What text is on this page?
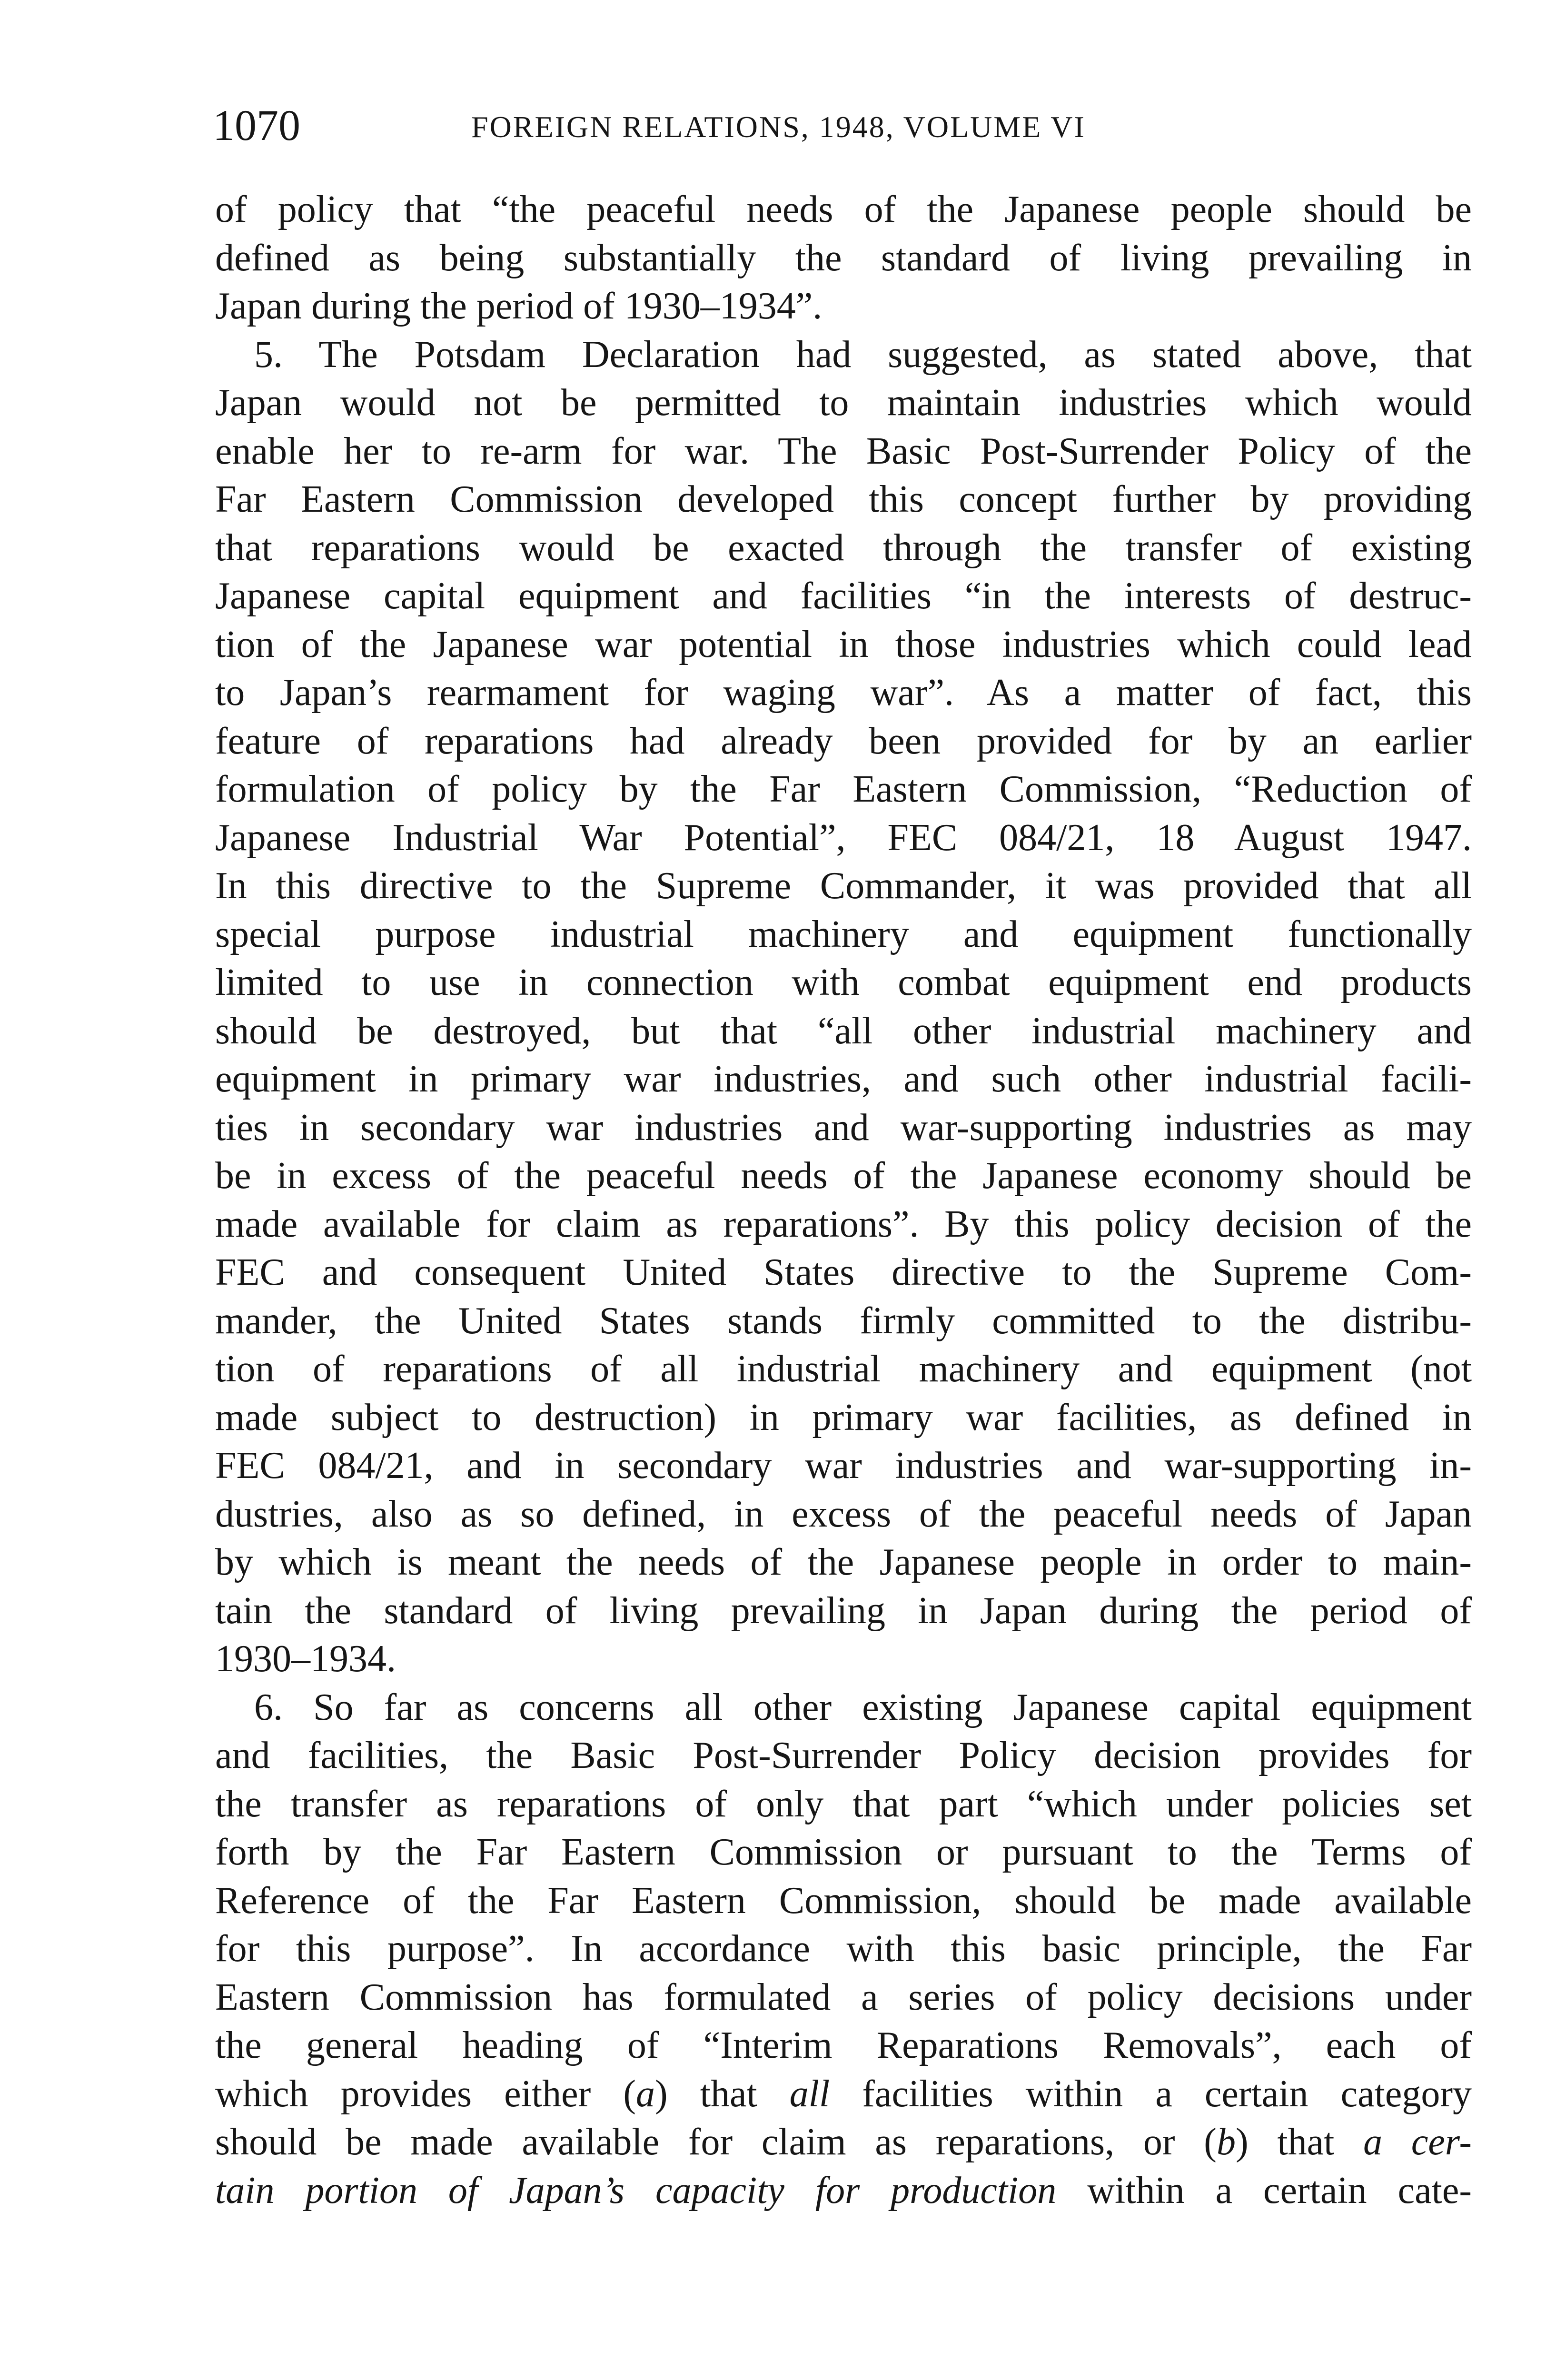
1070	FOREIGN RELATIONS, 1948, VOLUME VI
of policy that “the peaceful needs of the Japanese people should be
defined as being substantially the standard of living prevailing in
Japan during the period of 1930–1934”.
5. The Potsdam Declaration had suggested, as stated above, that
Japan would not be permitted to maintain industries which would
enable her to re-arm for war. The Basic Post-Surrender Policy of the
Far Eastern Commission developed this concept further by providing
that reparations would be exacted through the transfer of existing
Japanese capital equipment and facilities “in the interests of destruc-
tion of the Japanese war potential in those industries which could lead
to Japan’s rearmament for waging war”. As a matter of fact, this
feature of reparations had already been provided for by an earlier
formulation of policy by the Far Eastern Commission, “Reduction of
Japanese Industrial War Potential”, FEC 084/21, 18 August 1947.
In this directive to the Supreme Commander, it was provided that all
special purpose industrial machinery and equipment functionally
limited to use in connection with combat equipment end products
should be destroyed, but that “all other industrial machinery and
equipment in primary war industries, and such other industrial facili-
ties in secondary war industries and war-supporting industries as may
be in excess of the peaceful needs of the Japanese economy should be
made available for claim as reparations”. By this policy decision of the
FEC and consequent United States directive to the Supreme Com-
mander, the United States stands firmly committed to the distribu-
tion of reparations of all industrial machinery and equipment (not
made subject to destruction) in primary war facilities, as defined in
FEC 084/21, and in secondary war industries and war-supporting in-
dustries, also as so defined, in excess of the peaceful needs of Japan
by which is meant the needs of the Japanese people in order to main-
tain the standard of living prevailing in Japan during the period of
1930–1934.
6. So far as concerns all other existing Japanese capital equipment
and facilities, the Basic Post-Surrender Policy decision provides for
the transfer as reparations of only that part “which under policies set
forth by the Far Eastern Commission or pursuant to the Terms of
Reference of the Far Eastern Commission, should be made available
for this purpose”. In accordance with this basic principle, the Far
Eastern Commission has formulated a series of policy decisions under
the general heading of “Interim Reparations Removals”, each of
which provides either (a) that all facilities within a certain category
should be made available for claim as reparations, or (b) that a cer-
tain portion of Japan’s capacity for production within a certain cate-
